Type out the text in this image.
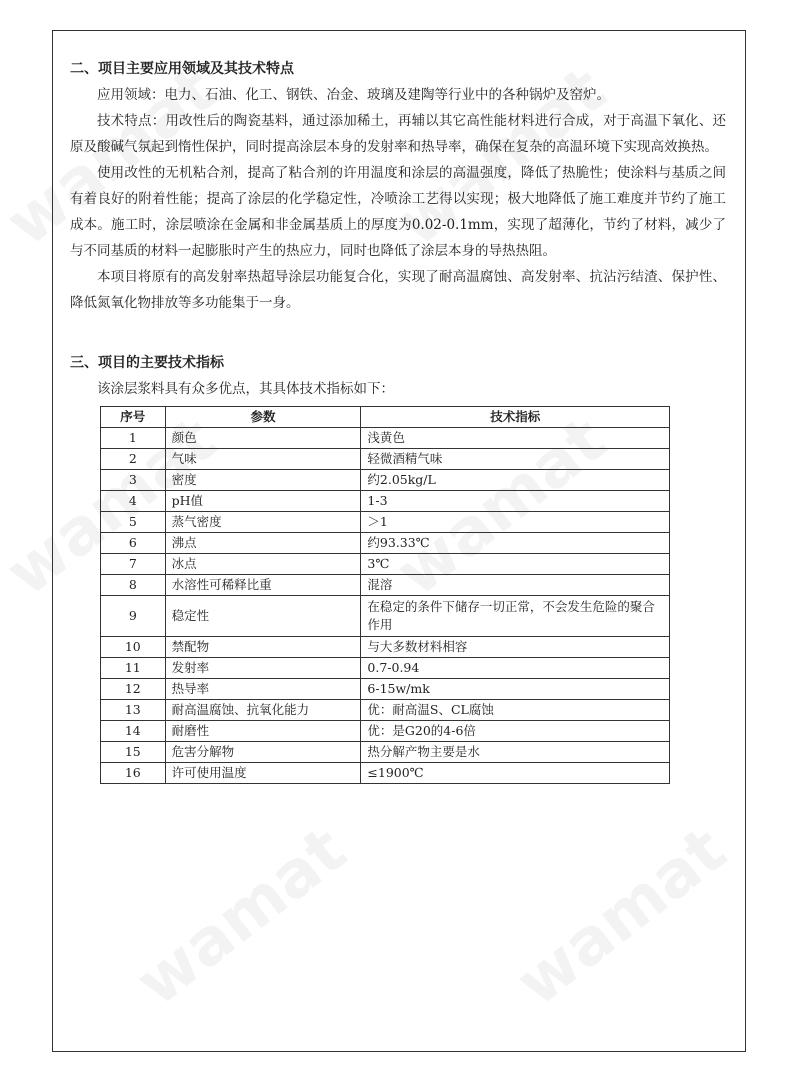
二、项目主要应用领域及其技术特点

应用领域：电力、石油、化工、钢铁、冶金、玻璃及建陶等行业中的各种锅炉及窑炉。

技术特点：用改性后的陶瓷基料，通过添加稀土，再辅以其它高性能材料进行合成，对于高温下氧化、还原及酸碱气氛起到惰性保护，同时提高涂层本身的发射率和热导率，确保在复杂的高温环境下实现高效换热。

使用改性的无机粘合剂，提高了粘合剂的许用温度和涂层的高温强度，降低了热脆性；使涂料与基质之间有着良好的附着性能；提高了涂层的化学稳定性，冷喷涂工艺得以实现；极大地降低了施工难度并节约了施工成本。施工时，涂层喷涂在金属和非金属基质上的厚度为0.02-0.1mm，实现了超薄化，节约了材料，减少了与不同基质的材料一起膨胀时产生的热应力，同时也降低了涂层本身的导热热阻。

本项目将原有的高发射率热超导涂层功能复合化，实现了耐高温腐蚀、高发射率、抗沾污结渣、保护性、降低氮氧化物排放等多功能集于一身。

三、项目的主要技术指标

该涂层浆料具有众多优点，其具体技术指标如下：

序号	参数	技术指标
1	颜色	浅黄色
2	气味	轻微酒精气味
3	密度	约2.05kg/L
4	pH值	1-3
5	蒸气密度	＞1
6	沸点	约93.33℃
7	冰点	3℃
8	水溶性可稀释比重	混溶
9	稳定性	在稳定的条件下储存一切正常，不会发生危险的聚合作用
10	禁配物	与大多数材料相容
11	发射率	0.7-0.94
12	热导率	6-15w/mk
13	耐高温腐蚀、抗氧化能力	优：耐高温S、CL腐蚀
14	耐磨性	优：是G20的4-6倍
15	危害分解物	热分解产物主要是水
16	许可使用温度	≤1900℃
